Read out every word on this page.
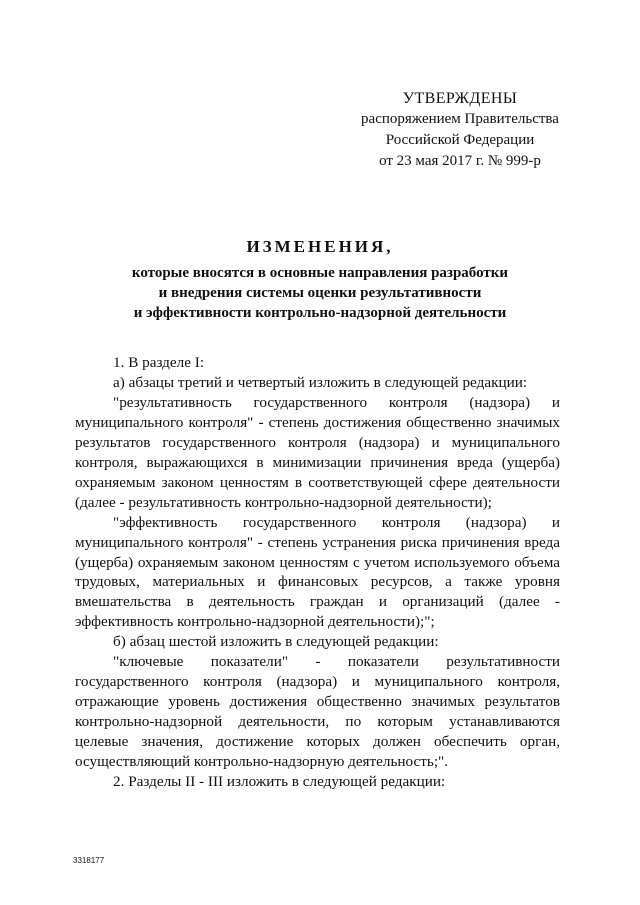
УТВЕРЖДЕНЫ
распоряжением Правительства
Российской Федерации
от 23 мая 2017 г. № 999-р
ИЗМЕНЕНИЯ,
которые вносятся в основные направления разработки
и внедрения системы оценки результативности
и эффективности контрольно-надзорной деятельности

1. В разделе I:

а) абзацы третий и четвертый изложить в следующей редакции:

"результативность государственного контроля (надзора) и муниципального контроля" - степень достижения общественно значимых результатов государственного контроля (надзора) и муниципального контроля, выражающихся в минимизации причинения вреда (ущерба) охраняемым законом ценностям в соответствующей сфере деятельности (далее - результативность контрольно-надзорной деятельности);

"эффективность государственного контроля (надзора) и муниципального контроля" - степень устранения риска причинения вреда (ущерба) охраняемым законом ценностям с учетом используемого объема трудовых, материальных и финансовых ресурсов, а также уровня вмешательства в деятельность граждан и организаций (далее - эффективность контрольно-надзорной деятельности);";

б) абзац шестой изложить в следующей редакции:

"ключевые показатели" - показатели результативности государственного контроля (надзора) и муниципального контроля, отражающие уровень достижения общественно значимых результатов контрольно-надзорной деятельности, по которым устанавливаются целевые значения, достижение которых должен обеспечить орган, осуществляющий контрольно-надзорную деятельность;".

2. Разделы II - III изложить в следующей редакции:

3318177
